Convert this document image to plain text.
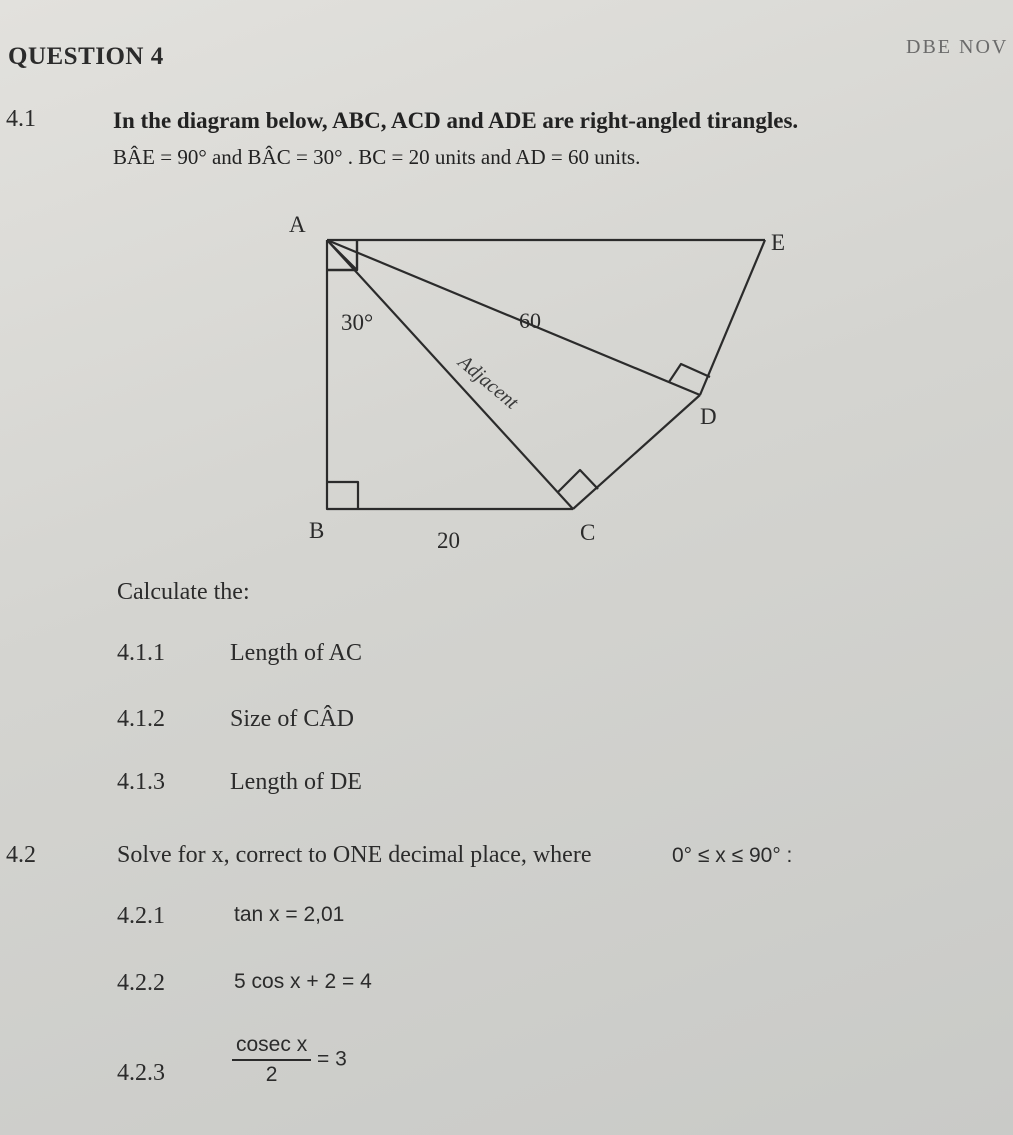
QUESTION 4	DBE NOV
4.1	In the diagram below, ABC, ACD and ADE are right-angled tirangles.
BÂE = 90° and BÂC = 30° . BC = 20 units and AD = 60 units.
A
B	C
D
E
30°	60
20
Adjacent
Calculate the:
4.1.1	Length of AC
4.1.2	Size of CÂD
4.1.3	Length of DE
4.2	Solve for x, correct to ONE decimal place, where	0° ≤ x ≤ 90° :
4.2.1	tan x = 2,01
4.2.2	5 cos x + 2 = 4
4.2.3	$\frac{\text{cosec x}}{2} = 3$
